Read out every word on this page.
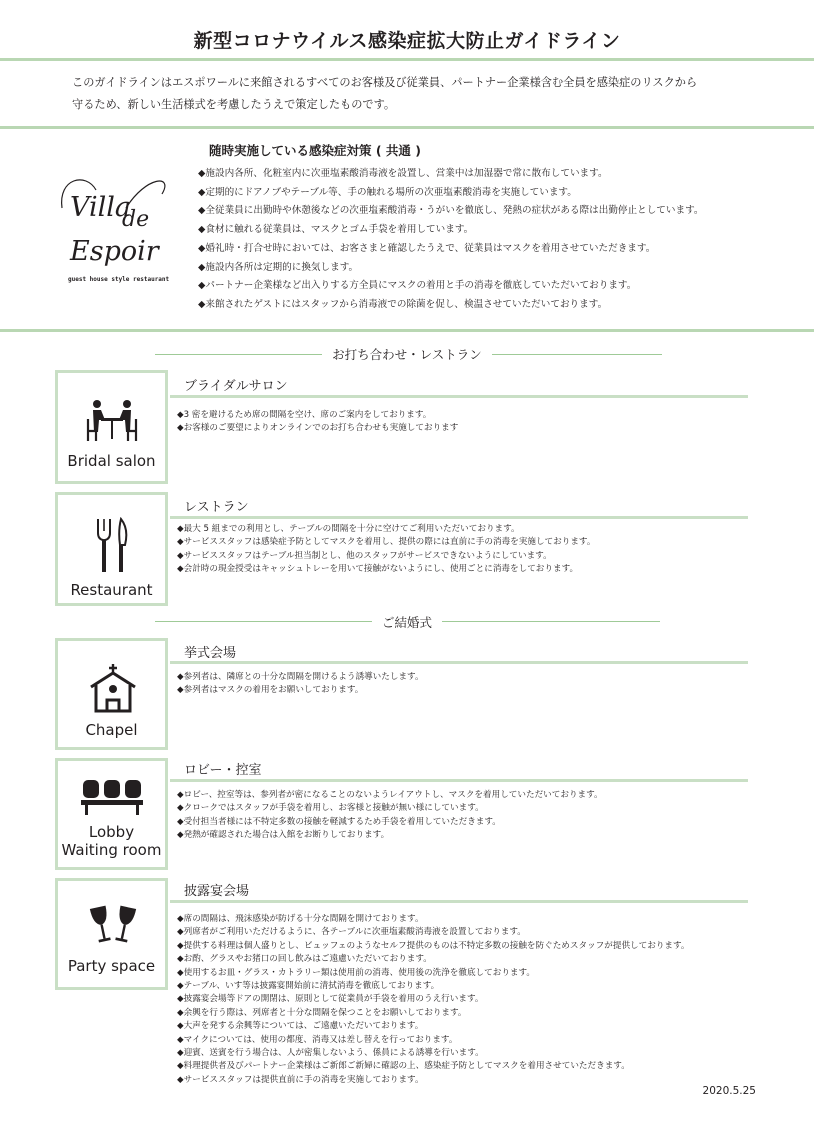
新型コロナウイルス感染症拡大防止ガイドライン
このガイドラインはエスポワールに来館されるすべてのお客様及び従業員、パートナー企業様含む全員を感染症のリスクから
守るため、新しい生活様式を考慮したうえで策定したものです。
Villa
de
Espoir
guest house style restaurant
随時実施している感染症対策 ( 共通 )
◆施設内各所、化粧室内に次亜塩素酸消毒液を設置し、営業中は加湿器で常に散布しています。
◆定期的にドアノブやテーブル等、手の触れる場所の次亜塩素酸消毒を実施しています。
◆全従業員に出勤時や休憩後などの次亜塩素酸消毒・うがいを徹底し、発熱の症状がある際は出勤停止としています。
◆食材に触れる従業員は、マスクとゴム手袋を着用しています。
◆婚礼時・打合せ時においては、お客さまと確認したうえで、従業員はマスクを着用させていただきます。
◆施設内各所は定期的に換気します。
◆パートナー企業様など出入りする方全員にマスクの着用と手の消毒を徹底していただいております。
◆来館されたゲストにはスタッフから消毒液での除菌を促し、検温させていただいております。
お打ち合わせ・レストラン
Bridal salon
ブライダルサロン
◆3 密を避けるため席の間隔を空け、席のご案内をしております。
◆お客様のご要望によりオンラインでのお打ち合わせも実施しております
Restaurant
レストラン
◆最大 5 組までの利用とし、テーブルの間隔を十分に空けてご利用いただいております。
◆サービススタッフは感染症予防としてマスクを着用し、提供の際には直前に手の消毒を実施しております。
◆サービススタッフはテーブル担当制とし、他のスタッフがサービスできないようにしています。
◆会計時の現金授受はキャッシュトレーを用いて接触がないようにし、使用ごとに消毒をしております。
ご結婚式
Chapel
挙式会場
◆参列者は、隣席との十分な間隔を開けるよう誘導いたします。
◆参列者はマスクの着用をお願いしております。
Lobby
Waiting room
ロビー・控室
◆ロビー、控室等は、参列者が密になることのないようレイアウトし、マスクを着用していただいております。
◆クロークではスタッフが手袋を着用し、お客様と接触が無い様にしています。
◆受付担当者様には不特定多数の接触を軽減するため手袋を着用していただきます。
◆発熱が確認された場合は入館をお断りしております。
Party space
披露宴会場
◆席の間隔は、飛沫感染が防げる十分な間隔を開けております。
◆列席者がご利用いただけるように、各テーブルに次亜塩素酸消毒液を設置しております。
◆提供する料理は個人盛りとし、ビュッフェのようなセルフ提供のものは不特定多数の接触を防ぐためスタッフが提供しております。
◆お酌、グラスやお猪口の回し飲みはご遠慮いただいております。
◆使用するお皿・グラス・カトラリー類は使用前の消毒、使用後の洗浄を徹底しております。
◆テーブル、いす等は披露宴開始前に清拭消毒を徹底しております。
◆披露宴会場等ドアの開閉は、原則として従業員が手袋を着用のうえ行います。
◆余興を行う際は、列席者と十分な間隔を保つことをお願いしております。
◆大声を発する余興等については、ご遠慮いただいております。
◆マイクについては、使用の都度、消毒又は差し替えを行っております。
◆迎賓、送賓を行う場合は、人が密集しないよう、係員による誘導を行います。
◆料理提供者及びパートナー企業様はご新郎ご新婦に確認の上、感染症予防としてマスクを着用させていただきます。
◆サービススタッフは提供直前に手の消毒を実施しております。
2020.5.25
